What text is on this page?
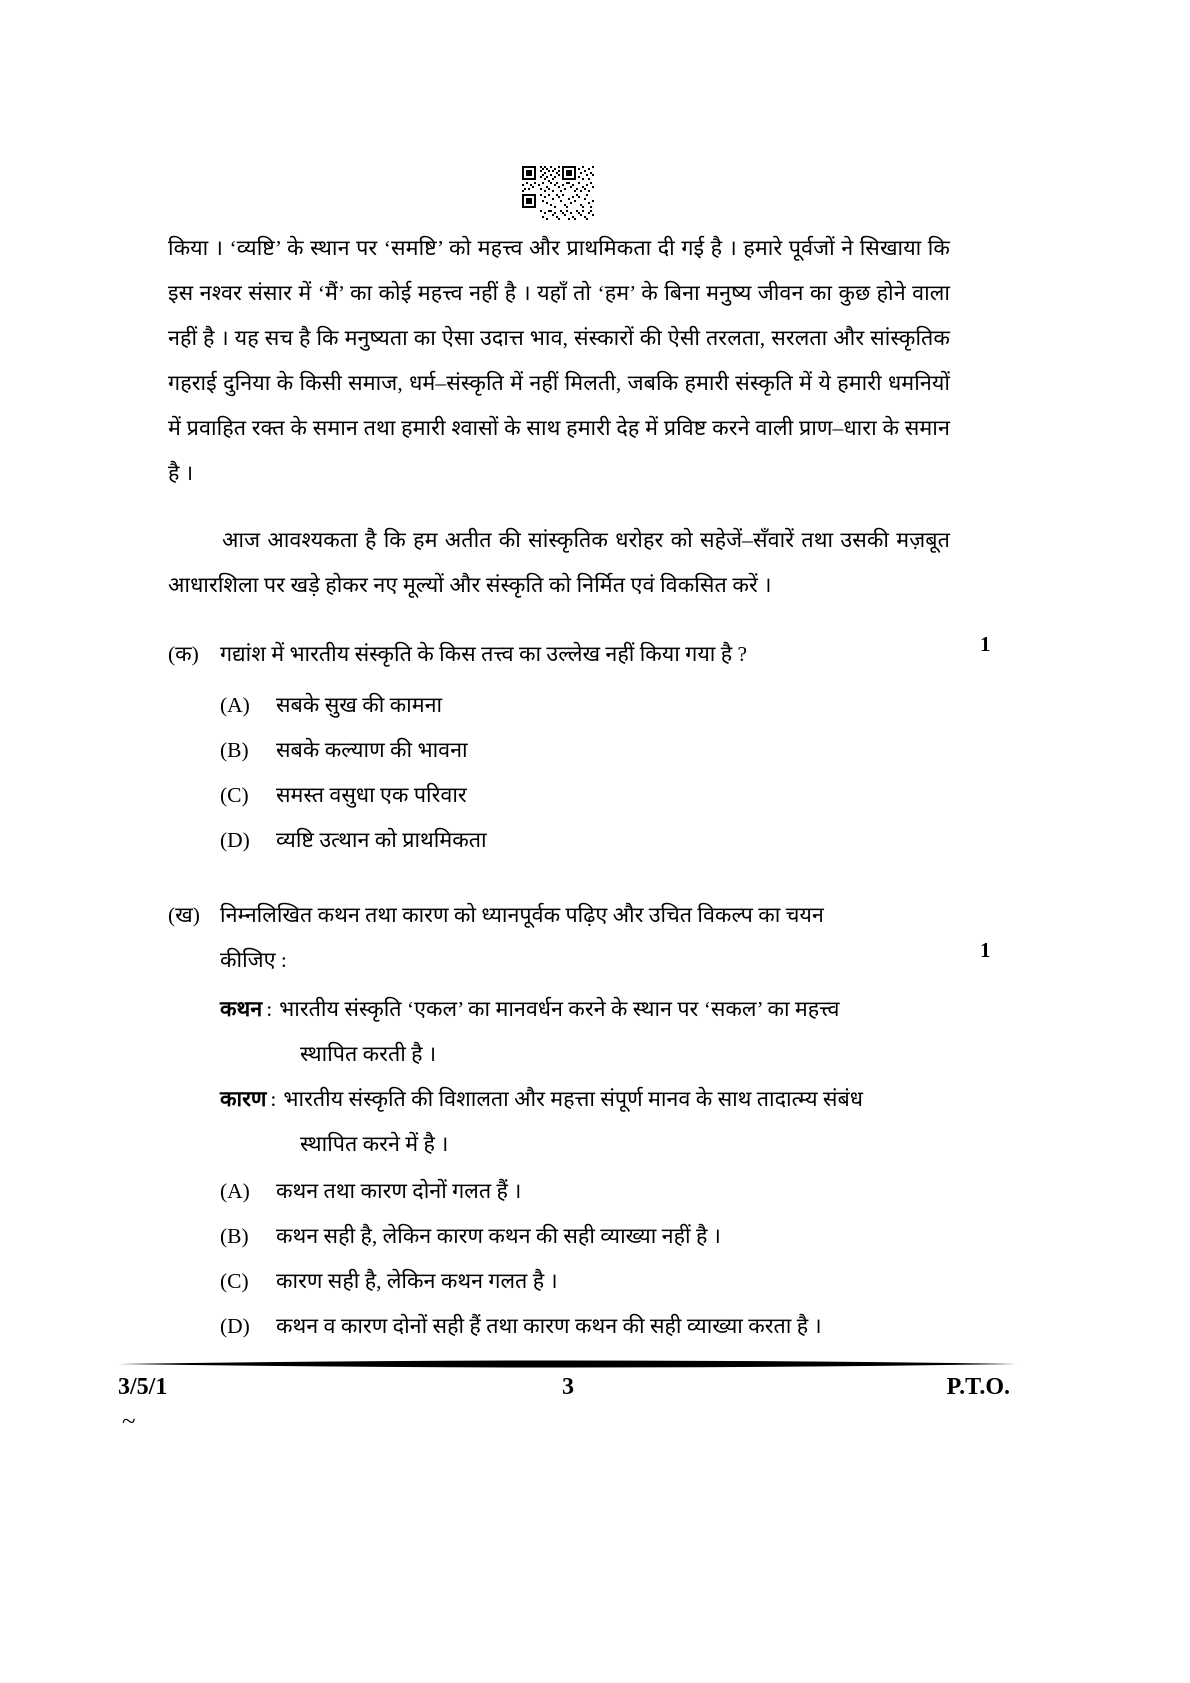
किया । ‘व्यष्टि’ के स्थान पर ‘समष्टि’ को महत्त्व और प्राथमिकता दी गई है । हमारे पूर्वजों ने सिखाया कि इस नश्वर संसार में ‘मैं’ का कोई महत्त्व नहीं है । यहाँ तो ‘हम’ के बिना मनुष्य जीवन का कुछ होने वाला नहीं है । यह सच है कि मनुष्यता का ऐसा उदात्त भाव, संस्कारों की ऐसी तरलता, सरलता और सांस्कृतिक गहराई दुनिया के किसी समाज, धर्म–संस्कृति में नहीं मिलती, जबकि हमारी संस्कृति में ये हमारी धमनियों में प्रवाहित रक्त के समान तथा हमारी श्वासों के साथ हमारी देह में प्रविष्ट करने वाली प्राण–धारा के समान है ।

आज आवश्यकता है कि हम अतीत की सांस्कृतिक धरोहर को सहेजें–सँवारें तथा उसकी मज़बूत आधारशिला पर खड़े होकर नए मूल्यों और संस्कृति को निर्मित एवं विकसित करें ।

(क) गद्यांश में भारतीय संस्कृति के किस तत्त्व का उल्लेख नहीं किया गया है ?	1
(A)	सबके सुख की कामना
(B)	सबके कल्याण की भावना
(C)	समस्त वसुधा एक परिवार
(D)	व्यष्टि उत्थान को प्राथमिकता
(ख) निम्नलिखित कथन तथा कारण को ध्यानपूर्वक पढ़िए और उचित विकल्प का चयन
कीजिए :	1
कथन : भारतीय संस्कृति ‘एकल’ का मानवर्धन करने के स्थान पर ‘सकल’ का महत्त्व
स्थापित करती है ।
कारण : भारतीय संस्कृति की विशालता और महत्ता संपूर्ण मानव के साथ तादात्म्य संबंध
स्थापित करने में है ।
(A)	कथन तथा कारण दोनों गलत हैं ।
(B)	कथन सही है, लेकिन कारण कथन की सही व्याख्या नहीं है ।
(C)	कारण सही है, लेकिन कथन गलत है ।
(D)	कथन व कारण दोनों सही हैं तथा कारण कथन की सही व्याख्या करता है ।
3/5/1	3	P.T.O.
~
